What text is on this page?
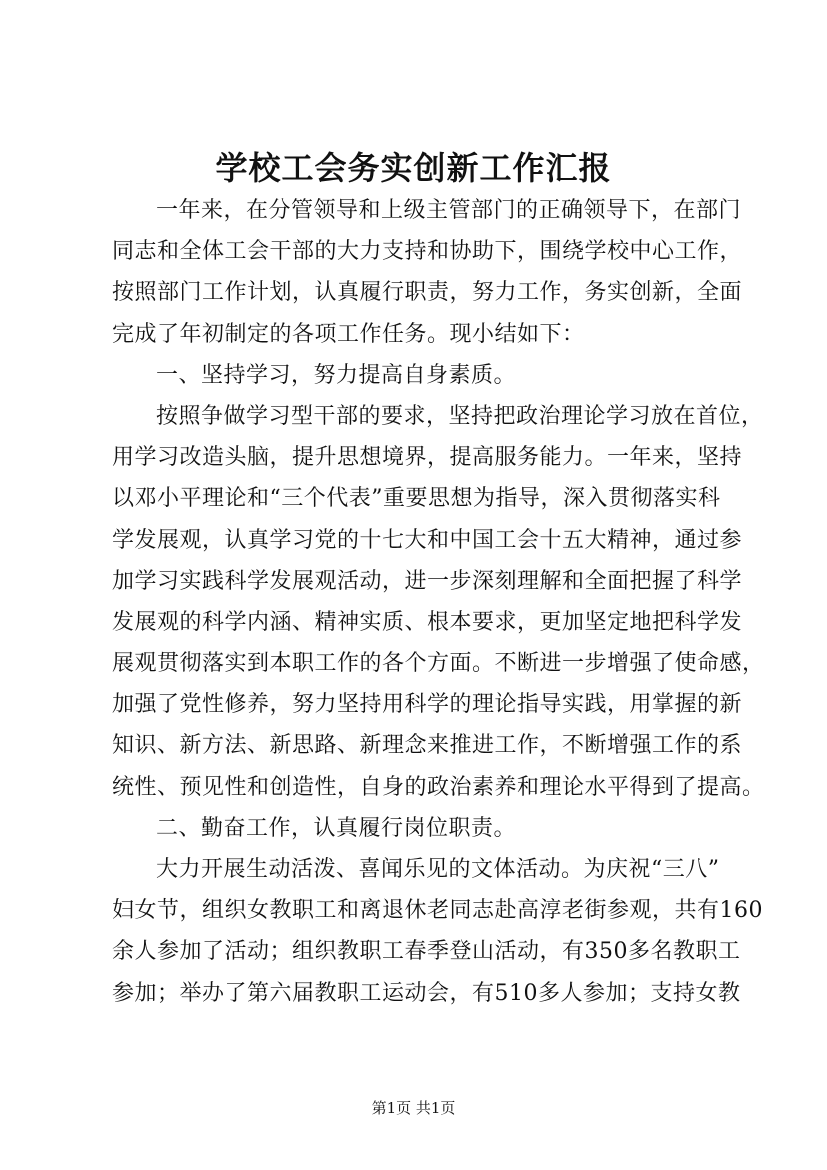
学校工会务实创新工作汇报
一年来，在分管领导和上级主管部门的正确领导下，在部门
同志和全体工会干部的大力支持和协助下，围绕学校中心工作，
按照部门工作计划，认真履行职责，努力工作，务实创新，全面
完成了年初制定的各项工作任务。现小结如下：
一、坚持学习，努力提高自身素质。
按照争做学习型干部的要求，坚持把政治理论学习放在首位，
用学习改造头脑，提升思想境界，提高服务能力。一年来，坚持
以邓小平理论和“三个代表”重要思想为指导，深入贯彻落实科
学发展观，认真学习党的十七大和中国工会十五大精神，通过参
加学习实践科学发展观活动，进一步深刻理解和全面把握了科学
发展观的科学内涵、精神实质、根本要求，更加坚定地把科学发
展观贯彻落实到本职工作的各个方面。不断进一步增强了使命感，
加强了党性修养，努力坚持用科学的理论指导实践，用掌握的新
知识、新方法、新思路、新理念来推进工作，不断增强工作的系
统性、预见性和创造性，自身的政治素养和理论水平得到了提高。
二、勤奋工作，认真履行岗位职责。
大力开展生动活泼、喜闻乐见的文体活动。为庆祝“三八”
妇女节，组织女教职工和离退休老同志赴高淳老街参观，共有160
余人参加了活动；组织教职工春季登山活动，有350多名教职工
参加；举办了第六届教职工运动会，有510多人参加；支持女教
第1页 共1页
